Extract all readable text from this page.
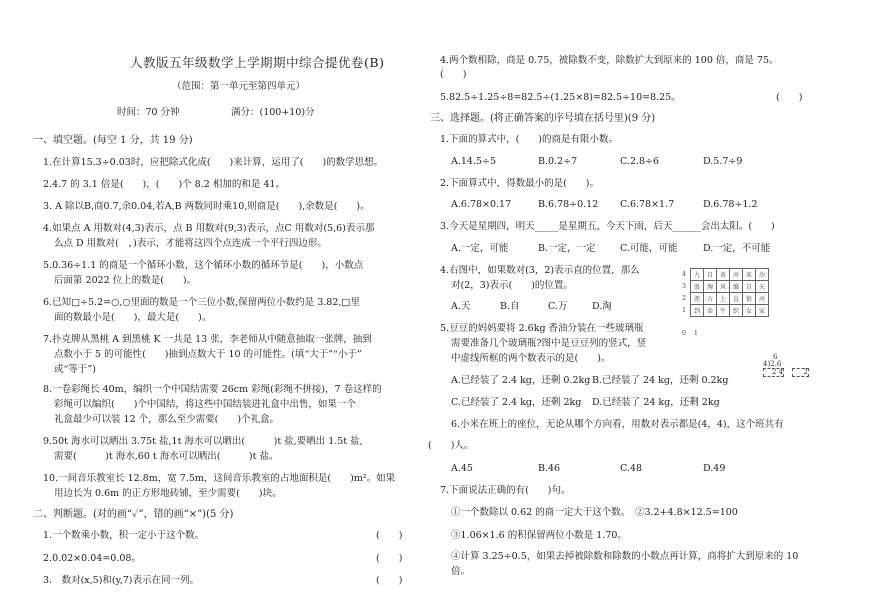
人教版五年级数学上学期期中综合提优卷(B)
（范围：第一单元至第四单元）
时间：70 分钟	满分：(100+10)分
一、填空题。(每空 1 分，共 19 分)
1.在计算15.3÷0.03时，应把除式化成(　　)来计算，运用了(　　)的数学思想。
2.4.7 的 3.1 倍是(　　)，(　　)个 8.2 相加的和是 41。
3. A 除以B,商0.7,余0.04,若A,B 两数同时乘10,则商是(　　),余数是(　　)。
4.如果点 A 用数对(4,3)表示，点 B 用数对(9,3)表示，点C 用数对(5,6)表示那
么点 D 用数对(　，)表示，才能将这四个点连成一个平行四边形。
5.0.36÷1.1 的商是一个循环小数，这个循环小数的循环节是(　　)，小数点
后面第 2022 位上的数是(　　)。
6.已知□÷5.2=○,○里面的数是一个三位小数,保留两位小数约是 3.82,□里
面的数最小是(　　)，最大是(　　)。
7.扑克牌从黑桃 A 到黑桃 K 一共是 13 张，李老师从中随意抽取一张牌，抽到
点数小于 5 的可能性(　　)抽到点数大于 10 的可能性。(填“大于”“小于”
或“等于”)
8.一卷彩绳长 40m，编织一个中国结需要 26cm 彩绳(彩绳不拼接)，7 卷这样的
彩绳可以编织(　　)个中国结，将这些中国结装进礼盒中出售，如果一个
礼盒最少可以装 12 个，那么至少需要(　　)个礼盒。
9.50t 海水可以晒出 3.75t 盐,1t 海水可以晒出(　　　)t 盐,要晒出 1.5t 盐,
需要(　　　)t 海水,60 t 海水可以晒出(　　　)t 盐。
10.一间音乐教室长 12.8m，宽 7.5m，这间音乐教室的占地面积是(　　)m²。如果
用边长为 0.6m 的正方形地砖铺，至少需要(　　)块。
二、判断题。(对的画“✓”，错的画“×”)(5 分)
1.一个数乘小数，积一定小于这个数。	(　　)
2.0.02×0.04=0.08。	(　　)
3.　数对(x,5)和(y,7)表示在同一列。	(　　)
4.两个数相除，商是 0.75，被除数不变，除数扩大到原来的 100 倍，商是 75。
(　　)
5.82.5÷1.25÷8=82.5÷(1.25×8)=82.5÷10=8.25。	(　　)
三、选择题。(将正确答案的序号填在括号里)(9 分)
1.下面的算式中，(　　)的商是有限小数。
A.14.5÷5	B.0.2÷7	C.2.8÷6	D.5.7÷9
2.下面算式中，得数最小的是(　　)。
A.6.78×0.17	B.6.78÷0.12 C.6.78×1.7	D.6.78÷1.2
3.今天是星期四，明天_____是星期五，今天下雨，后天______会出太阳。(　　)
A.一定，可能	B.一定，一定	C.可能，可能	D.一定，不可能
4.右图中，如果数对(3，2)表示直的位置，那么
对(2，3)表示(　　)的位置。
A.天	B.自	C.万	D.淘
4	九	自	黄	河	来	沙
3	浪	淘	风	簸	自	天
2	涯	万	上	直	银	河
1	到	牵	牛	织	女	家
0 1
5.豆豆的妈妈要将 2.6kg 香油分装在一些玻璃瓶
需要准备几个玻璃瓶?图中是豆豆列的竖式，竖
中虚线所框的两个数表示的是(　　)。	6
4)2.6
2 4	2
A.已经装了 2.4 kg，还剩 0.2kg B.已经装了 24 kg，还剩 0.2kg
C.已经装了 2.4 kg，还剩 2kg D.已经装了 24 kg，还剩 2kg
6.小米在班上的座位，无论从哪个方向看，用数对表示都是(4，4)，这个班共有
(　　)人。
A.45	B.46	C.48	D.49
7.下面说法正确的有(　　)句。
①一个数除以 0.62 的商一定大于这个数。　②3.2+4.8×12.5=100
③1.06×1.6 的积保留两位小数是 1.70。
④计算 3.25÷0.5，如果去掉被除数和除数的小数点再计算，商将扩大到原来的 10
倍。
